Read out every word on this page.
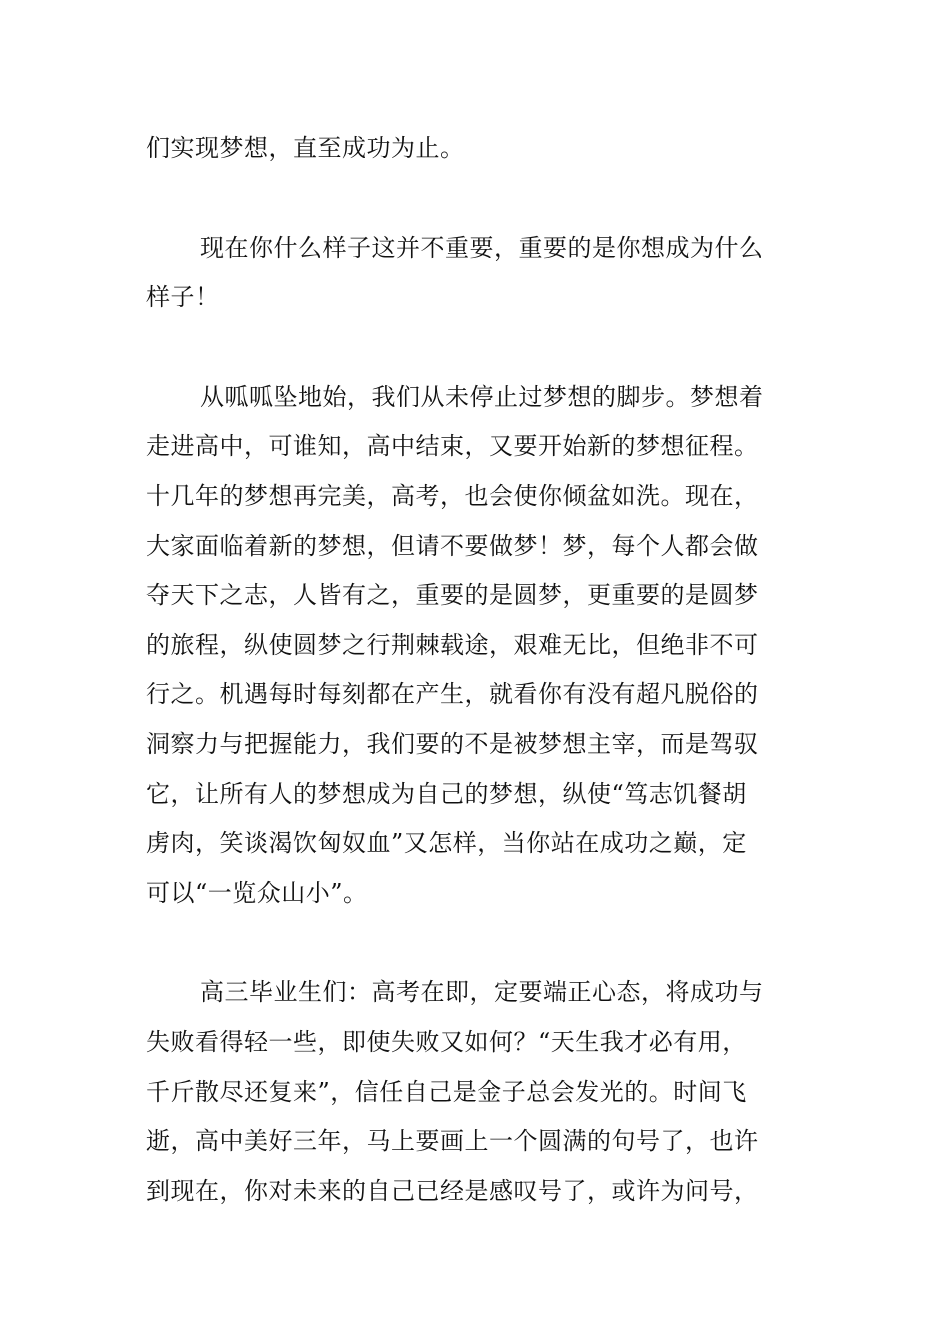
们实现梦想，直至成功为止。

现在你什么样子这并不重要，重要的是你想成为什么
样子！

从呱呱坠地始，我们从未停止过梦想的脚步。梦想着
走进高中，可谁知，高中结束，又要开始新的梦想征程。
十几年的梦想再完美，高考，也会使你倾盆如洗。现在，
大家面临着新的梦想，但请不要做梦！梦，每个人都会做
夺天下之志，人皆有之，重要的是圆梦，更重要的是圆梦
的旅程，纵使圆梦之行荆棘载途，艰难无比，但绝非不可
行之。机遇每时每刻都在产生，就看你有没有超凡脱俗的
洞察力与把握能力，我们要的不是被梦想主宰，而是驾驭
它，让所有人的梦想成为自己的梦想，纵使“笃志饥餐胡
虏肉，笑谈渴饮匈奴血”又怎样，当你站在成功之巅，定
可以“一览众山小”。

高三毕业生们：高考在即，定要端正心态，将成功与
失败看得轻一些，即使失败又如何？“天生我才必有用，
千斤散尽还复来”，信任自己是金子总会发光的。时间飞
逝，高中美好三年，马上要画上一个圆满的句号了，也许
到现在，你对未来的自己已经是感叹号了，或许为问号，
